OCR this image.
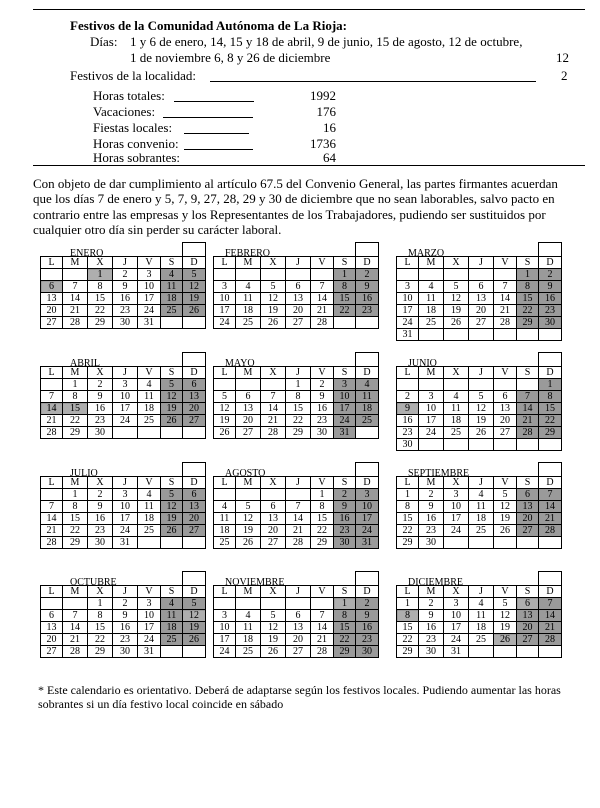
Festivos de la Comunidad Autónoma de La Rioja:
Días: 1 y 6 de enero, 14, 15 y 18 de abril, 9 de junio, 15 de agosto, 12 de octubre,
1 de noviembre 6, 8 y 26 de diciembre	12
Festivos de la localidad:	2
Horas totales:	1992
Vacaciones:	176
Fiestas locales:	16
Horas convenio:	1736
Horas sobrantes:	64
Con objeto de dar cumplimiento al artículo 67.5 del Convenio General, las partes firmantes acuerdan que los días 7 de enero y 5, 7, 9, 27, 28, 29 y 30 de diciembre que no sean laborables, salvo pacto en contrario entre las empresas y los Representantes de los Trabajadores, pudiendo ser sustituidos por cualquier otro día sin perder su carácter laboral.
ENERO
L	M	X	J	V	S	D
		1	2	3	4	5
6	7	8	9	10	11	12
13	14	15	16	17	18	19
20	21	22	23	24	25	26
27	28	29	30	31		
FEBRERO
L	M	X	J	V	S	D
					1	2
3	4	5	6	7	8	9
10	11	12	13	14	15	16
17	18	19	20	21	22	23
24	25	26	27	28		
MARZO
L	M	X	J	V	S	D
					1	2
3	4	5	6	7	8	9
10	11	12	13	14	15	16
17	18	19	20	21	22	23
24	25	26	27	28	29	30
31						
ABRIL
L	M	X	J	V	S	D
	1	2	3	4	5	6
7	8	9	10	11	12	13
14	15	16	17	18	19	20
21	22	23	24	25	26	27
28	29	30				
MAYO
L	M	X	J	V	S	D
			1	2	3	4
5	6	7	8	9	10	11
12	13	14	15	16	17	18
19	20	21	22	23	24	25
26	27	28	29	30	31	
JUNIO
L	M	X	J	V	S	D
						1
2	3	4	5	6	7	8
9	10	11	12	13	14	15
16	17	18	19	20	21	22
23	24	25	26	27	28	29
30						
JULIO
L	M	X	J	V	S	D
	1	2	3	4	5	6
7	8	9	10	11	12	13
14	15	16	17	18	19	20
21	22	23	24	25	26	27
28	29	30	31			
AGOSTO
L	M	X	J	V	S	D
				1	2	3
4	5	6	7	8	9	10
11	12	13	14	15	16	17
18	19	20	21	22	23	24
25	26	27	28	29	30	31
SEPTIEMBRE
L	M	X	J	V	S	D
1	2	3	4	5	6	7
8	9	10	11	12	13	14
15	16	17	18	19	20	21
22	23	24	25	26	27	28
29	30					
OCTUBRE
L	M	X	J	V	S	D
		1	2	3	4	5
6	7	8	9	10	11	12
13	14	15	16	17	18	19
20	21	22	23	24	25	26
27	28	29	30	31		
NOVIEMBRE
L	M	X	J	V	S	D
					1	2
3	4	5	6	7	8	9
10	11	12	13	14	15	16
17	18	19	20	21	22	23
24	25	26	27	28	29	30
DICIEMBRE
L	M	X	J	V	S	D
1	2	3	4	5	6	7
8	9	10	11	12	13	14
15	16	17	18	19	20	21
22	23	24	25	26	27	28
29	30	31				
* Este calendario es orientativo. Deberá de adaptarse según los festivos locales. Pudiendo aumentar las horas sobrantes si un día festivo local coincide en sábado
